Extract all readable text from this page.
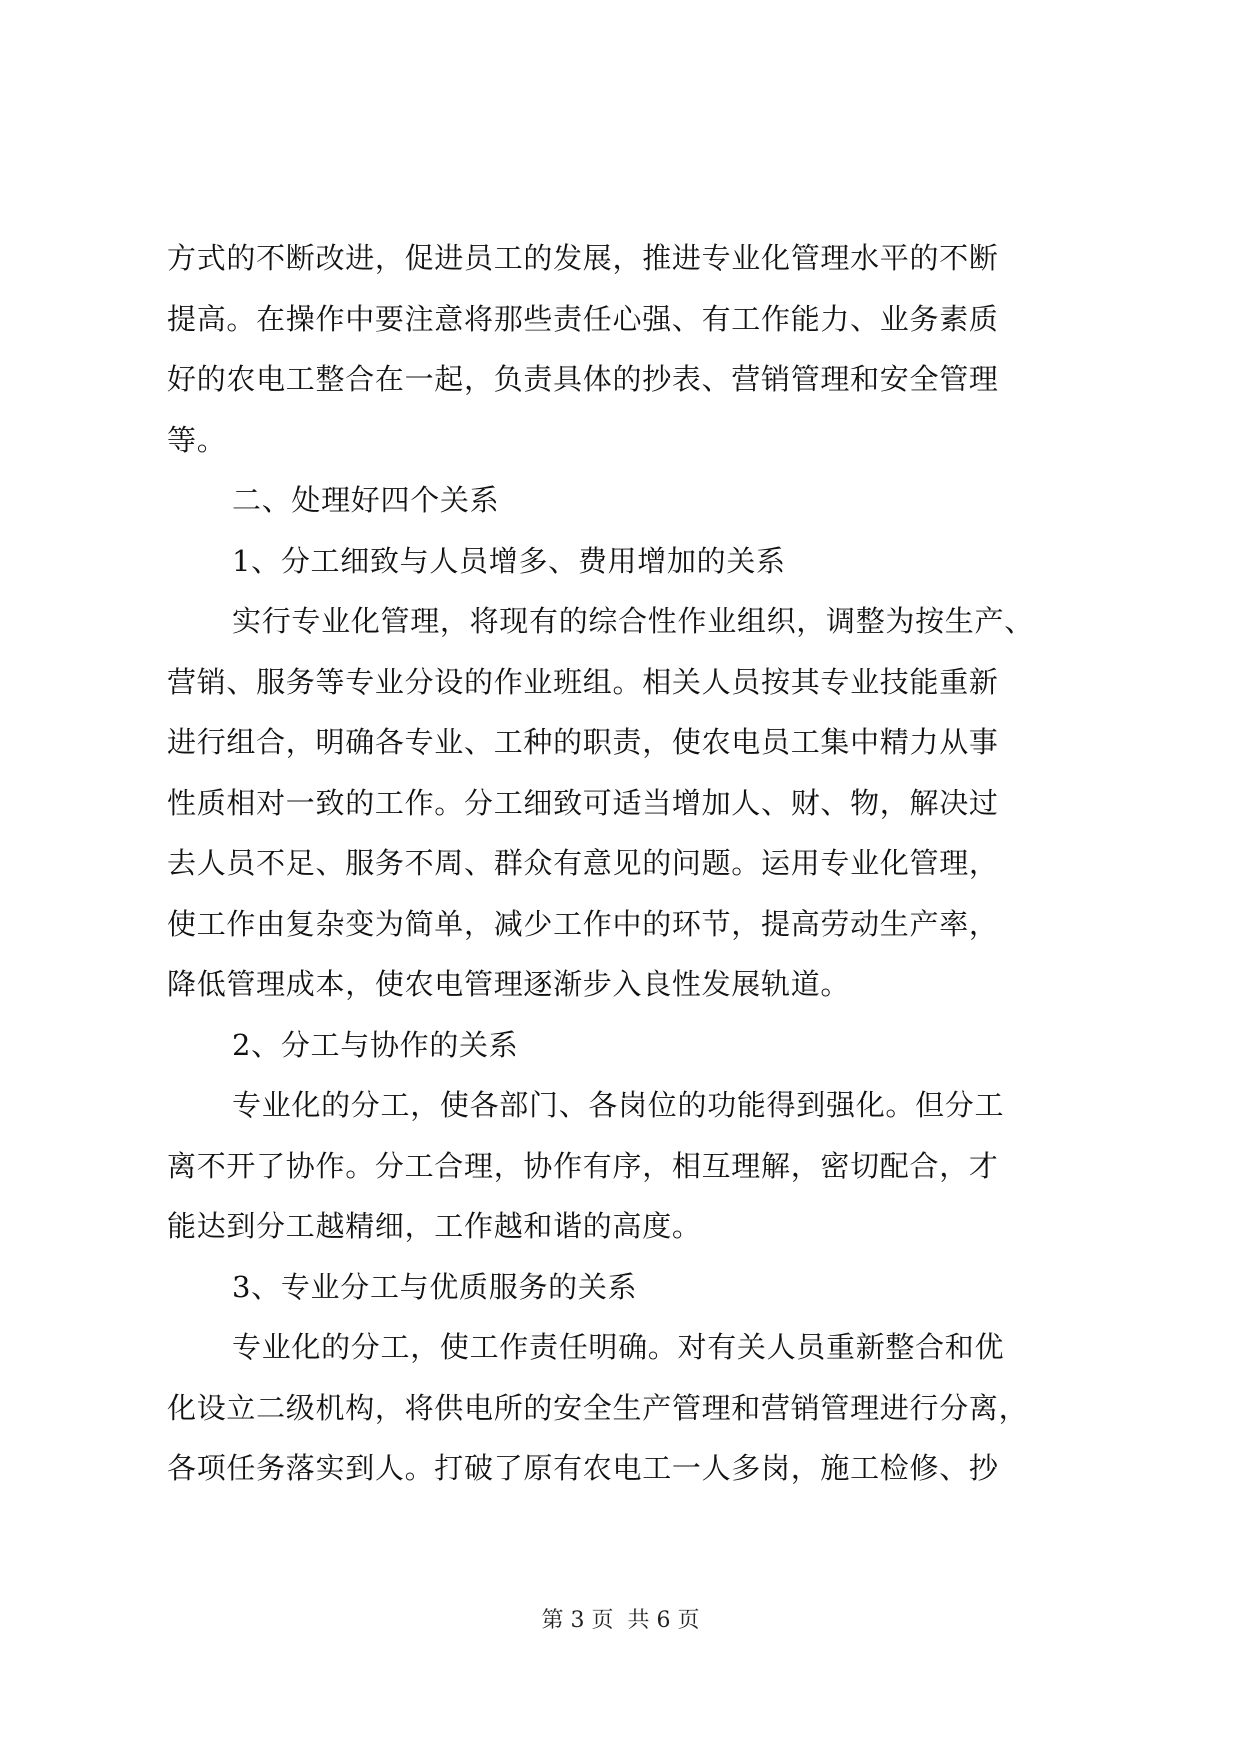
方式的不断改进，促进员工的发展，推进专业化管理水平的不断
提高。在操作中要注意将那些责任心强、有工作能力、业务素质
好的农电工整合在一起，负责具体的抄表、营销管理和安全管理
等。
二、处理好四个关系
1、分工细致与人员增多、费用增加的关系
实行专业化管理，将现有的综合性作业组织，调整为按生产、
营销、服务等专业分设的作业班组。相关人员按其专业技能重新
进行组合，明确各专业、工种的职责，使农电员工集中精力从事
性质相对一致的工作。分工细致可适当增加人、财、物，解决过
去人员不足、服务不周、群众有意见的问题。运用专业化管理，
使工作由复杂变为简单，减少工作中的环节，提高劳动生产率，
降低管理成本，使农电管理逐渐步入良性发展轨道。
2、分工与协作的关系
专业化的分工，使各部门、各岗位的功能得到强化。但分工
离不开了协作。分工合理，协作有序，相互理解，密切配合，才
能达到分工越精细，工作越和谐的高度。
3、专业分工与优质服务的关系
专业化的分工，使工作责任明确。对有关人员重新整合和优
化设立二级机构，将供电所的安全生产管理和营销管理进行分离，
各项任务落实到人。打破了原有农电工一人多岗，施工检修、抄
第 3 页  共 6 页
